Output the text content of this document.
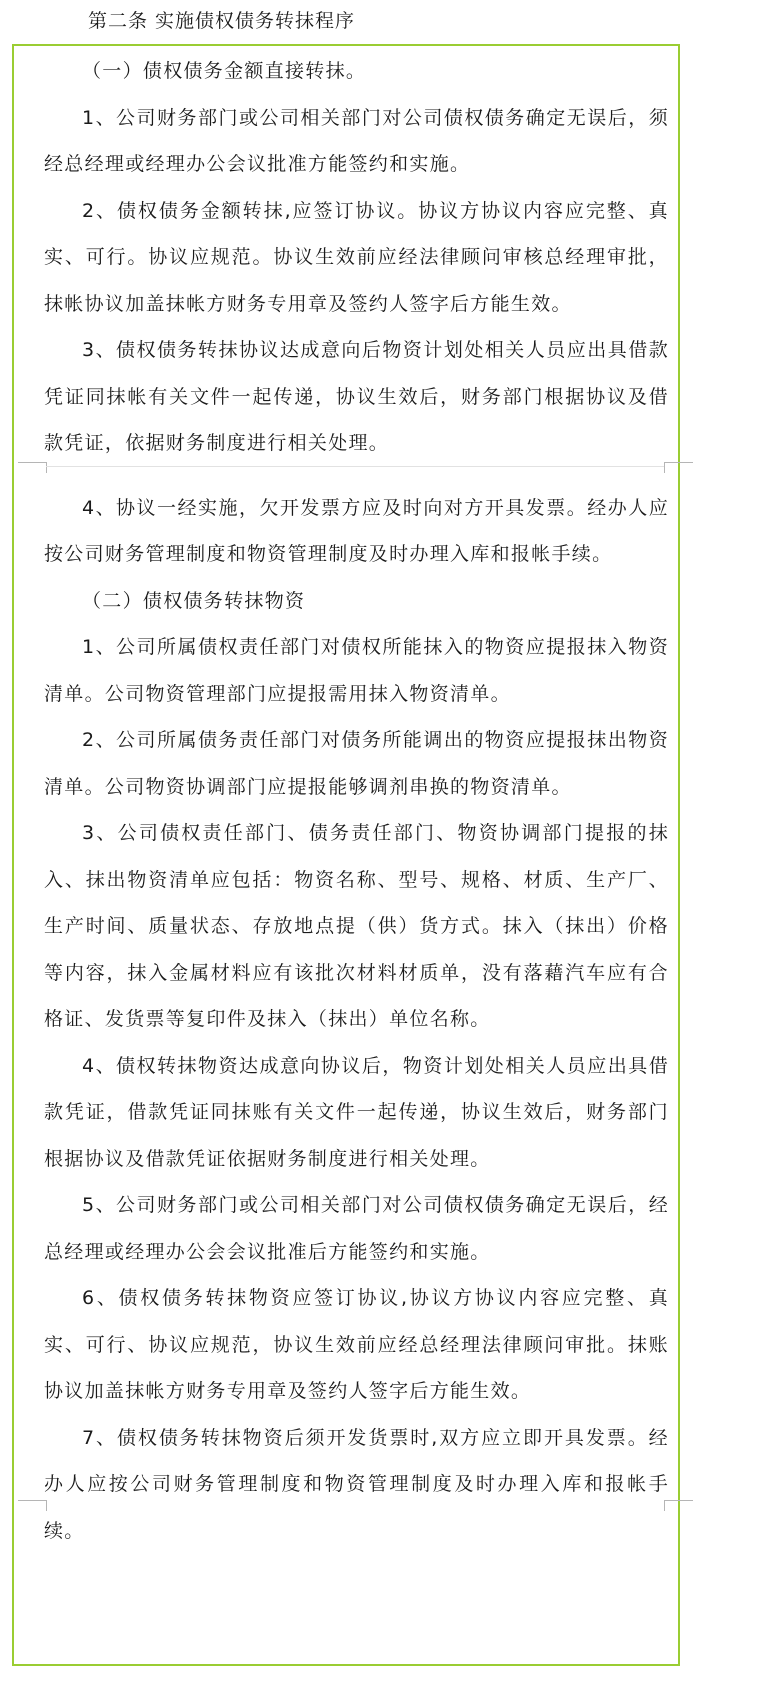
第二条 实施债权债务转抹程序

（一）债权债务金额直接转抹。

1、公司财务部门或公司相关部门对公司债权债务确定无误后，须经总经理或经理办公会议批准方能签约和实施。

2、债权债务金额转抹,应签订协议。协议方协议内容应完整、真实、可行。协议应规范。协议生效前应经法律顾问审核总经理审批，抹帐协议加盖抹帐方财务专用章及签约人签字后方能生效。

3、债权债务转抹协议达成意向后物资计划处相关人员应出具借款凭证同抹帐有关文件一起传递，协议生效后，财务部门根据协议及借款凭证，依据财务制度进行相关处理。

4、协议一经实施，欠开发票方应及时向对方开具发票。经办人应按公司财务管理制度和物资管理制度及时办理入库和报帐手续。

（二）债权债务转抹物资

1、公司所属债权责任部门对债权所能抹入的物资应提报抹入物资清单。公司物资管理部门应提报需用抹入物资清单。

2、公司所属债务责任部门对债务所能调出的物资应提报抹出物资清单。公司物资协调部门应提报能够调剂串换的物资清单。

3、公司债权责任部门、债务责任部门、物资协调部门提报的抹入、抹出物资清单应包括：物资名称、型号、规格、材质、生产厂、生产时间、质量状态、存放地点提（供）货方式。抹入（抹出）价格等内容，抹入金属材料应有该批次材料材质单，没有落藉汽车应有合格证、发货票等复印件及抹入（抹出）单位名称。

4、债权转抹物资达成意向协议后，物资计划处相关人员应出具借款凭证，借款凭证同抹账有关文件一起传递，协议生效后，财务部门根据协议及借款凭证依据财务制度进行相关处理。

5、公司财务部门或公司相关部门对公司债权债务确定无误后，经总经理或经理办公会会议批准后方能签约和实施。

6、债权债务转抹物资应签订协议,协议方协议内容应完整、真实、可行、协议应规范，协议生效前应经总经理法律顾问审批。抹账协议加盖抹帐方财务专用章及签约人签字后方能生效。

7、债权债务转抹物资后须开发货票时,双方应立即开具发票。经办人应按公司财务管理制度和物资管理制度及时办理入库和报帐手续。
